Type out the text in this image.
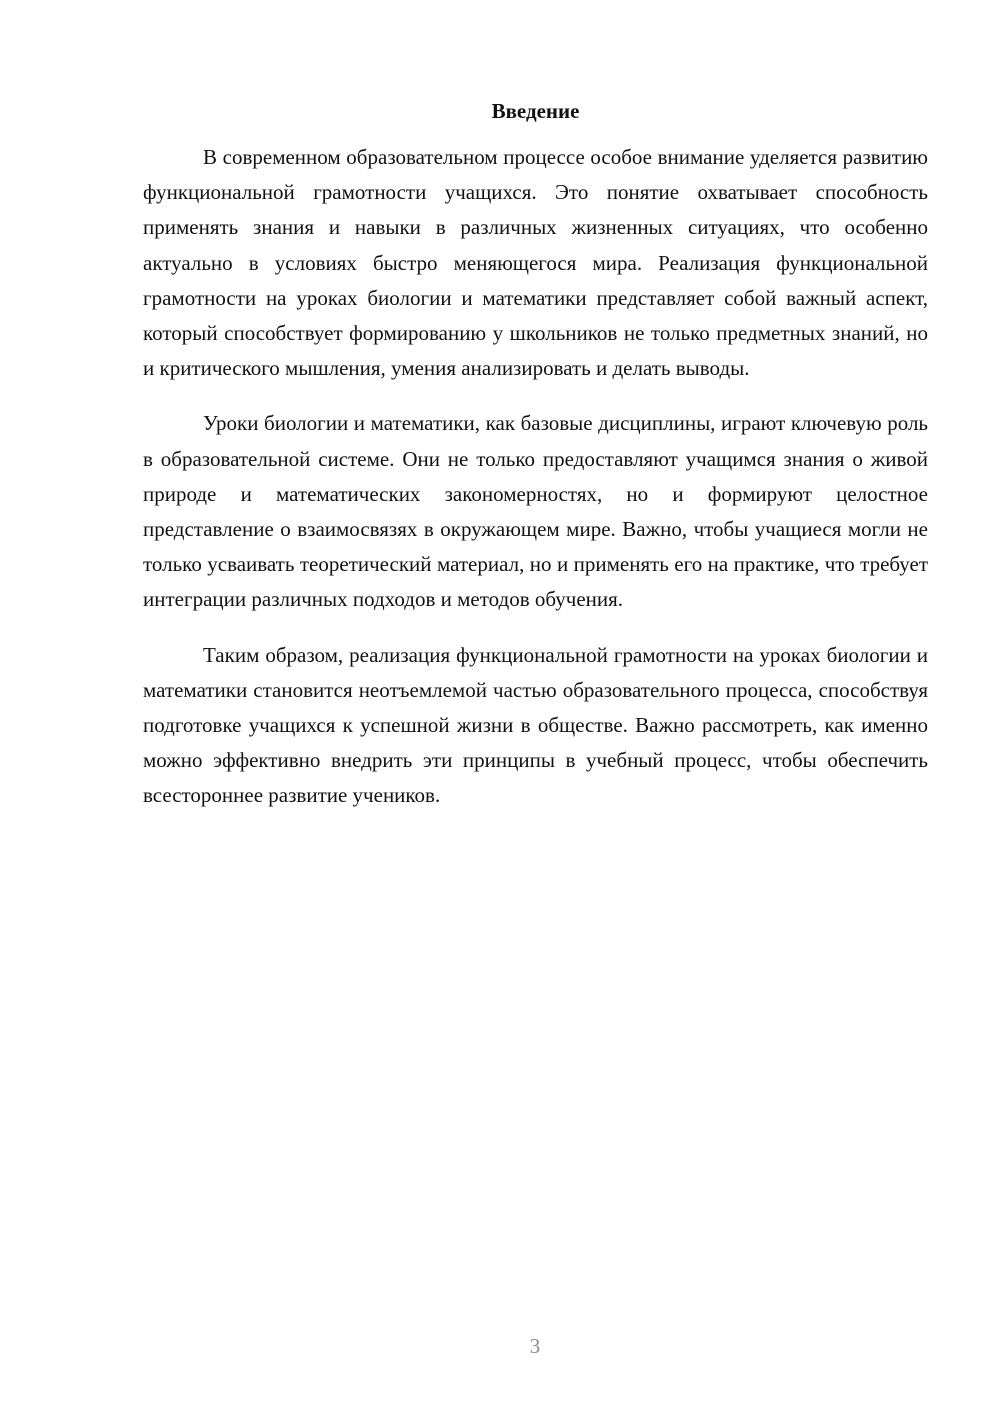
Введение

В современном образовательном процессе особое внимание уделяется развитию функциональной грамотности учащихся. Это понятие охватывает способность применять знания и навыки в различных жизненных ситуациях, что особенно актуально в условиях быстро меняющегося мира. Реализация функциональной грамотности на уроках биологии и математики представляет собой важный аспект, который способствует формированию у школьников не только предметных знаний, но и критического мышления, умения анализировать и делать выводы.

Уроки биологии и математики, как базовые дисциплины, играют ключевую роль в образовательной системе. Они не только предоставляют учащимся знания о живой природе и математических закономерностях, но и формируют целостное представление о взаимосвязях в окружающем мире. Важно, чтобы учащиеся могли не только усваивать теоретический материал, но и применять его на практике, что требует интеграции различных подходов и методов обучения.

Таким образом, реализация функциональной грамотности на уроках биологии и математики становится неотъемлемой частью образовательного процесса, способствуя подготовке учащихся к успешной жизни в обществе. Важно рассмотреть, как именно можно эффективно внедрить эти принципы в учебный процесс, чтобы обеспечить всестороннее развитие учеников.

3
